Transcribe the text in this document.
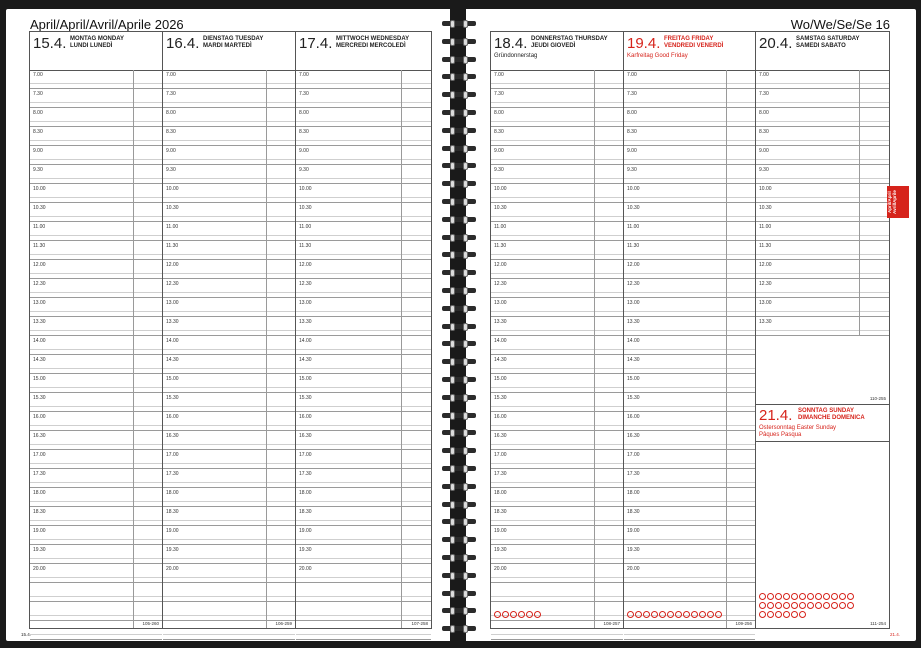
April/April/Avril/Aprile 2026
15.4. MONTAG MONDAY
LUNDI LUNEDÌ
7.00
7.30
8.00
8.30
9.00
9.30
10.00
10.30
11.00
11.30
12.00
12.30
13.00
13.30
14.00
14.30
15.00
15.30
16.00
16.30
17.00
17.30
18.00
18.30
19.00
19.30
20.00
105-260
16.4. DIENSTAG TUESDAY
MARDI MARTEDÌ
7.00
7.30
8.00
8.30
9.00
9.30
10.00
10.30
11.00
11.30
12.00
12.30
13.00
13.30
14.00
14.30
15.00
15.30
16.00
16.30
17.00
17.30
18.00
18.30
19.00
19.30
20.00
106-259
17.4. MITTWOCH WEDNESDAY
MERCREDI MERCOLEDÌ
7.00
7.30
8.00
8.30
9.00
9.30
10.00
10.30
11.00
11.30
12.00
12.30
13.00
13.30
14.00
14.30
15.00
15.30
16.00
16.30
17.00
17.30
18.00
18.30
19.00
19.30
20.00
107-258
15.4.
Wo/We/Se/Se 16
18.4. DONNERSTAG THURSDAY
JEUDI GIOVEDÌ
Gründonnerstag
7.00
7.30
8.00
8.30
9.00
9.30
10.00
10.30
11.00
11.30
12.00
12.30
13.00
13.30
14.00
14.30
15.00
15.30
16.00
16.30
17.00
17.30
18.00
18.30
19.00
19.30
20.00
108-257
19.4. FREITAG FRIDAY
VENDREDI VENERDÌ
Karfreitag Good Friday
7.00
7.30
8.00
8.30
9.00
9.30
10.00
10.30
11.00
11.30
12.00
12.30
13.00
13.30
14.00
14.30
15.00
15.30
16.00
16.30
17.00
17.30
18.00
18.30
19.00
19.30
20.00
109-256
20.4. SAMSTAG SATURDAY
SAMEDI SABATO
7.00
7.30
8.00
8.30
9.00
9.30
10.00
10.30
11.00
11.30
12.00
12.30
13.00
13.30
111-254
21.4. SONNTAG SUNDAY
DIMANCHE DOMENICA
Ostersonntag Easter Sunday
Pâques Pasqua
110-255
21.4.
April/April Avril/Aprile
